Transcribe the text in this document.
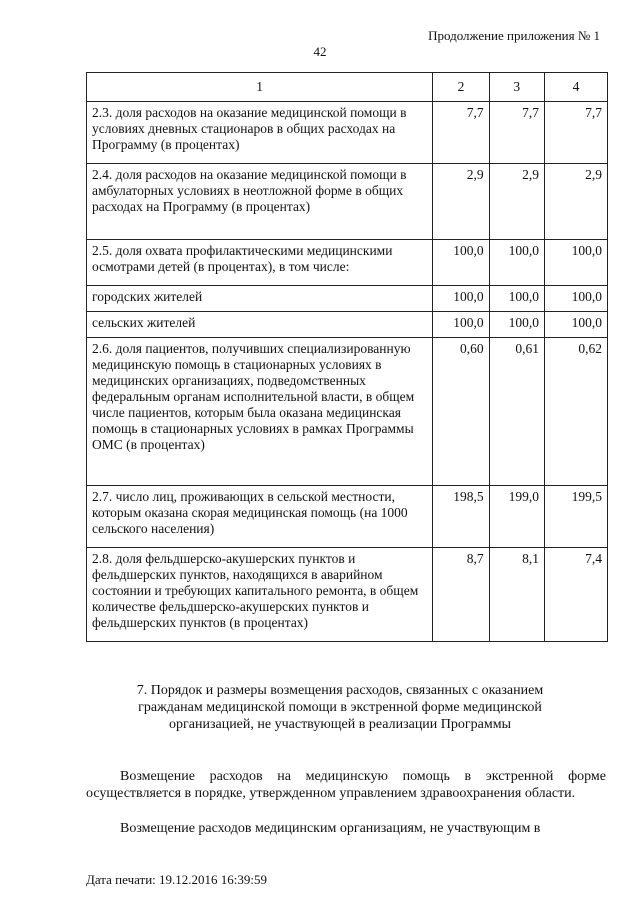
Продолжение приложения № 1
42
1	2	3	4
2.3. доля расходов на оказание медицинской помощи в условиях дневных стационаров в общих расходах на Программу (в процентах)	7,7	7,7	7,7
2.4. доля расходов на оказание медицинской помощи в амбулаторных условиях в неотложной форме в общих расходах на Программу (в процентах)	2,9	2,9	2,9
2.5. доля охвата профилактическими медицинскими осмотрами детей (в процентах), в том числе:	100,0	100,0	100,0
городских жителей	100,0	100,0	100,0
сельских жителей	100,0	100,0	100,0
2.6. доля пациентов, получивших специализированную медицинскую помощь в стационарных условиях в медицинских организациях, подведомственных федеральным органам исполнительной власти, в общем числе пациентов, которым была оказана медицинская помощь в стационарных условиях в рамках Программы ОМС (в процентах)	0,60	0,61	0,62
2.7. число лиц, проживающих в сельской местности, которым оказана скорая медицинская помощь (на 1000 сельского населения)	198,5	199,0	199,5
2.8. доля фельдшерско-акушерских пунктов и фельдшерских пунктов, находящихся в аварийном состоянии и требующих капитального ремонта, в общем количестве фельдшерско-акушерских пунктов и фельдшерских пунктов (в процентах)	8,7	8,1	7,4
7. Порядок и размеры возмещения расходов, связанных с оказанием гражданам медицинской помощи в экстренной форме медицинской организацией, не участвующей в реализации Программы
Возмещение расходов на медицинскую помощь в экстренной форме осуществляется в порядке, утвержденном управлением здравоохранения области.
Возмещение расходов медицинским организациям, не участвующим в
Дата печати: 19.12.2016 16:39:59
